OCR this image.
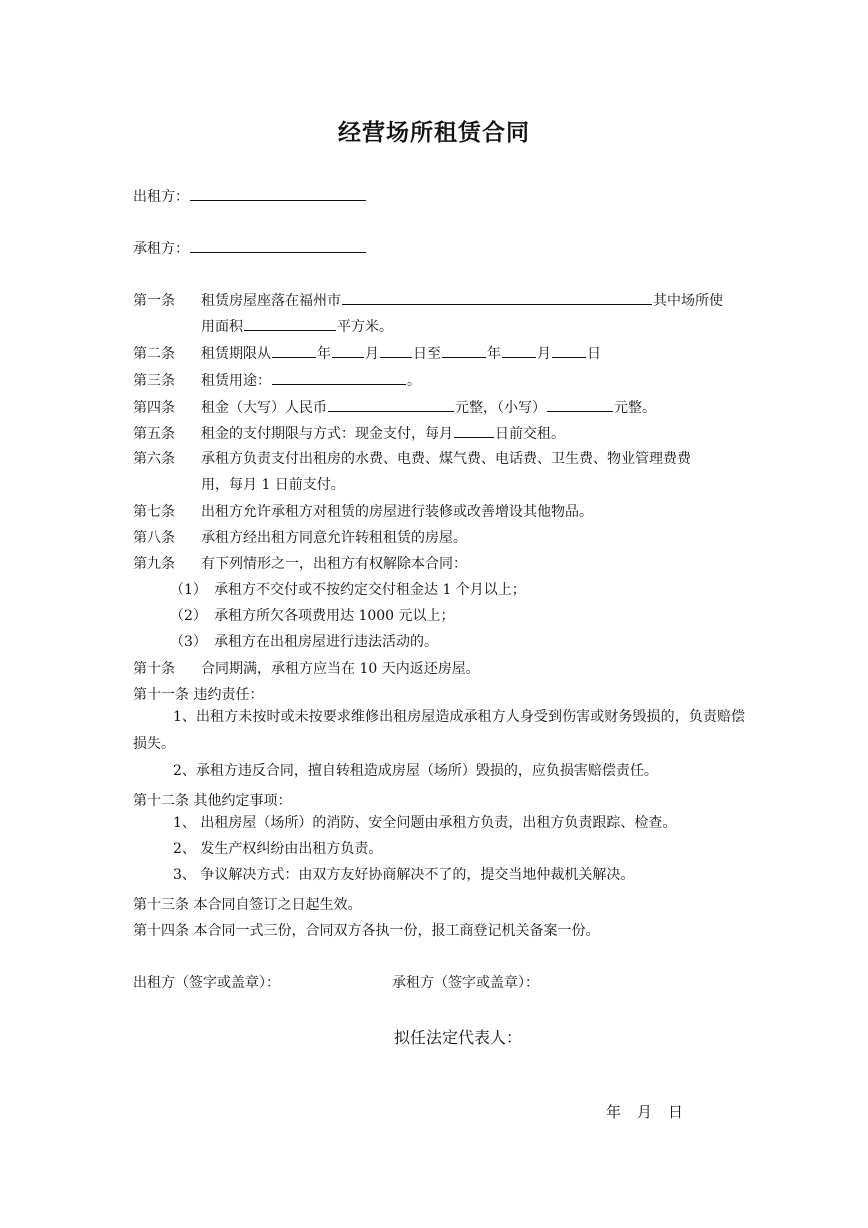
经营场所租赁合同
出租方：
承租方：
第一条 租赁房屋座落在福州市	其中场所使
用面积	平方米。
第二条 租赁期限从	年 月 日至	年	月	日
第三条 租赁用途：	。
第四条 租金（大写）人民币	元整，（小写）	元整。
第五条 租金的支付期限与方式：现金支付，每月	日前交租。
第六条 承租方负责支付出租房的水费、电费、煤气费、电话费、卫生费、物业管理费费
用，每月 1 日前支付。
第七条 出租方允许承租方对租赁的房屋进行装修或改善增设其他物品。
第八条 承租方经出租方同意允许转租租赁的房屋。
第九条 有下列情形之一，出租方有权解除本合同：
（1） 承租方不交付或不按约定交付租金达 1 个月以上；
（2） 承租方所欠各项费用达 1000 元以上；
（3） 承租方在出租房屋进行违法活动的。
第十条 合同期满，承租方应当在 10 天内返还房屋。
第十一条 违约责任：
1、出租方未按时或未按要求维修出租房屋造成承租方人身受到伤害或财务毁损的，负责赔偿损失。
2、承租方违反合同，擅自转租造成房屋（场所）毁损的，应负损害赔偿责任。
第十二条 其他约定事项：
1、 出租房屋（场所）的消防、安全问题由承租方负责，出租方负责跟踪、检查。
2、 发生产权纠纷由出租方负责。
3、 争议解决方式：由双方友好协商解决不了的，提交当地仲裁机关解决。
第十三条 本合同自签订之日起生效。
第十四条 本合同一式三份，合同双方各执一份，报工商登记机关备案一份。
出租方（签字或盖章）：	承租方（签字或盖章）：
拟任法定代表人：
年 月 日
